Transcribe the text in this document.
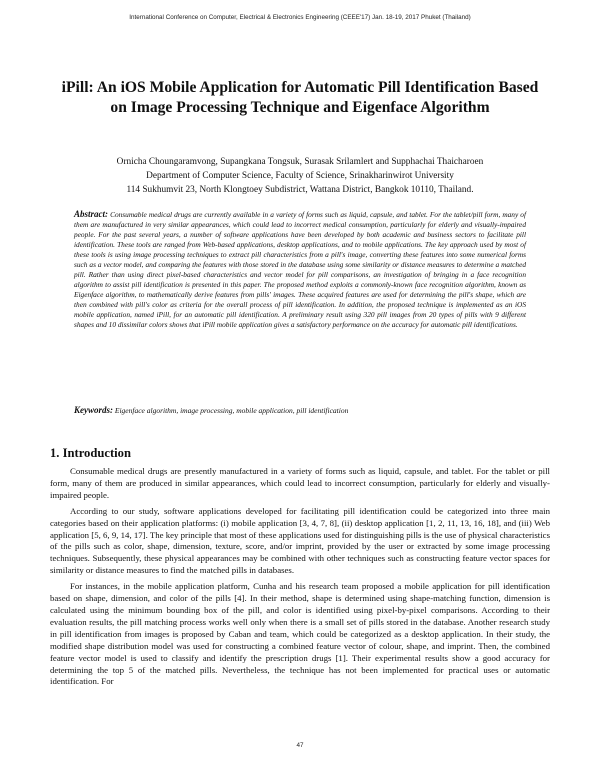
International Conference on Computer, Electrical & Electronics Engineering (CEEE'17) Jan. 18-19, 2017 Phuket (Thailand)
iPill: An iOS Mobile Application for Automatic Pill Identification Based on Image Processing Technique and Eigenface Algorithm
Ornicha Choungaramvong, Supangkana Tongsuk, Surasak Srilamlert and Supphachai Thaicharoen
Department of Computer Science, Faculty of Science, Srinakharinwirot University
114 Sukhumvit 23, North Klongtoey Subdistrict, Wattana District, Bangkok 10110, Thailand.
Abstract: Consumable medical drugs are currently available in a variety of forms such as liquid, capsule, and tablet. For the tablet/pill form, many of them are manufactured in very similar appearances, which could lead to incorrect medical consumption, particularly for elderly and visually-impaired people. For the past several years, a number of software applications have been developed by both academic and business sectors to facilitate pill identification. These tools are ranged from Web-based applications, desktop applications, and to mobile applications. The key approach used by most of these tools is using image processing techniques to extract pill characteristics from a pill's image, converting these features into some numerical forms such as a vector model, and comparing the features with those stored in the database using some similarity or distance measures to determine a matched pill. Rather than using direct pixel-based characteristics and vector model for pill comparisons, an investigation of bringing in a face recognition algorithm to assist pill identification is presented in this paper. The proposed method exploits a commonly-known face recognition algorithm, known as Eigenface algorithm, to mathematically derive features from pills' images. These acquired features are used for determining the pill's shape, which are then combined with pill's color as criteria for the overall process of pill identification. In addition, the proposed technique is implemented as an iOS mobile application, named iPill, for an automatic pill identification. A preliminary result using 320 pill images from 20 types of pills with 9 different shapes and 10 dissimilar colors shows that iPill mobile application gives a satisfactory performance on the accuracy for automatic pill identifications.
Keywords: Eigenface algorithm, image processing, mobile application, pill identification
1. Introduction

Consumable medical drugs are presently manufactured in a variety of forms such as liquid, capsule, and tablet. For the tablet or pill form, many of them are produced in similar appearances, which could lead to incorrect consumption, particularly for elderly and visually-impaired people.

According to our study, software applications developed for facilitating pill identification could be categorized into three main categories based on their application platforms: (i) mobile application [3, 4, 7, 8], (ii) desktop application [1, 2, 11, 13, 16, 18], and (iii) Web application [5, 6, 9, 14, 17]. The key principle that most of these applications used for distinguishing pills is the use of physical characteristics of the pills such as color, shape, dimension, texture, score, and/or imprint, provided by the user or extracted by some image processing techniques. Subsequently, these physical appearances may be combined with other techniques such as constructing feature vector spaces for similarity or distance measures to find the matched pills in databases.

For instances, in the mobile application platform, Cunha and his research team proposed a mobile application for pill identification based on shape, dimension, and color of the pills [4]. In their method, shape is determined using shape-matching function, dimension is calculated using the minimum bounding box of the pill, and color is identified using pixel-by-pixel comparisons. According to their evaluation results, the pill matching process works well only when there is a small set of pills stored in the database. Another research study in pill identification from images is proposed by Caban and team, which could be categorized as a desktop application. In their study, the modified shape distribution model was used for constructing a combined feature vector of colour, shape, and imprint. Then, the combined feature vector model is used to classify and identify the prescription drugs [1]. Their experimental results show a good accuracy for determining the top 5 of the matched pills. Nevertheless, the technique has not been implemented for practical uses or automatic identification. For

47
